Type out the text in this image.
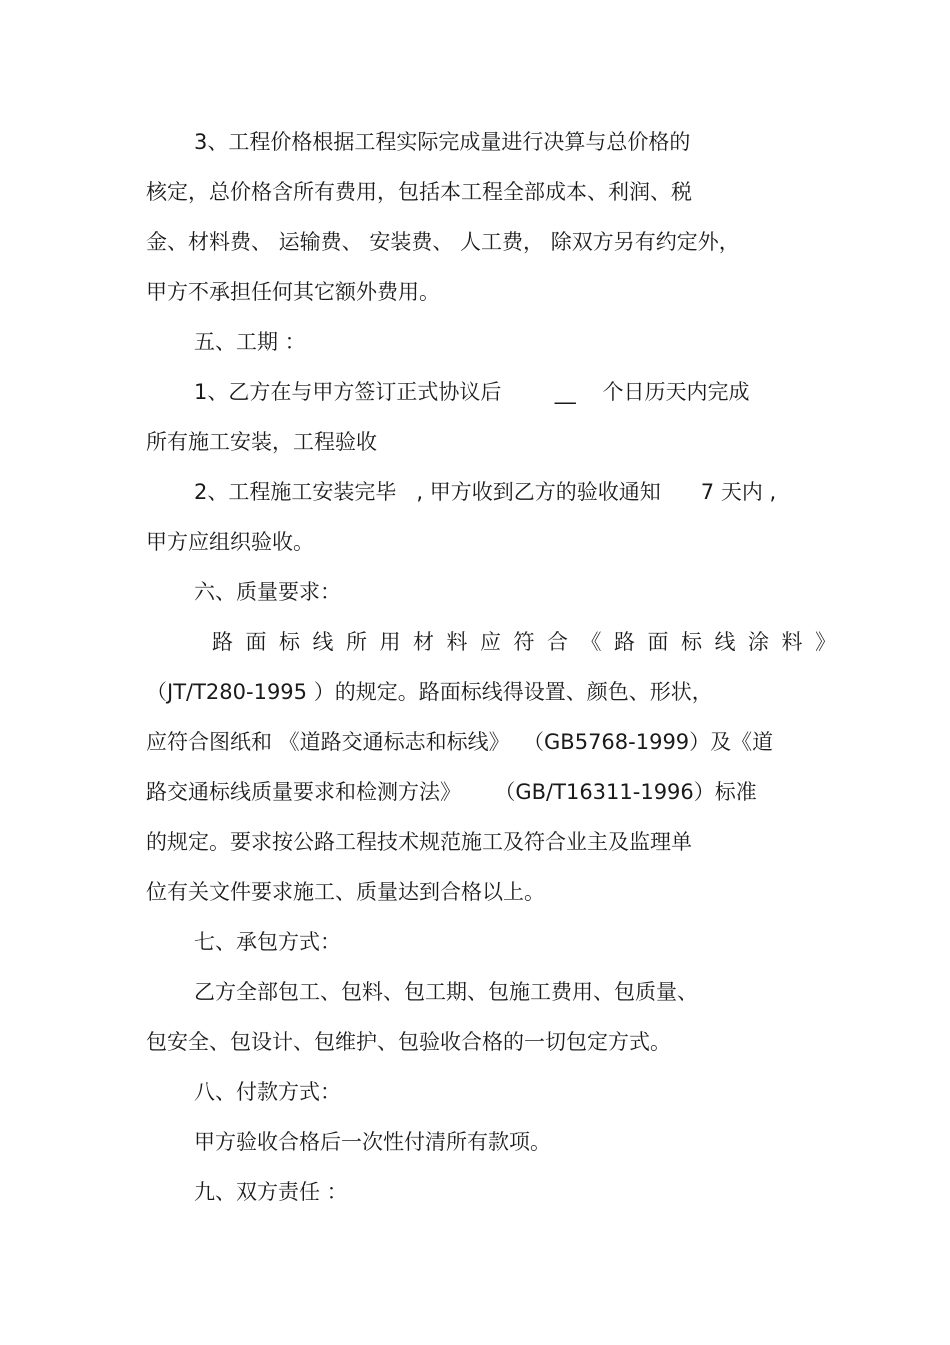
3、工程价格根据工程实际完成量进行决算与总价格的
核定，总价格含所有费用，包括本工程全部成本、利润、税
金、材料费、 运输费、 安装费、 人工费， 除双方另有约定外，
甲方不承担任何其它额外费用。
五、工期 ：
1、乙方在与甲方签订正式协议后        __    个日历天内完成
所有施工安装，工程验收
2、工程施工安装完毕   , 甲方收到乙方的验收通知      7 天内 ,
甲方应组织验收。
六、质量要求：
路面标线所用材料应符合《路面标线涂料》
（JT/T280-1995 ）的规定。路面标线得设置、颜色、形状，
应符合图纸和 《道路交通标志和标线》  （GB5768-1999）及《道
路交通标线质量要求和检测方法》     （GB/T16311-1996）标准
的规定。要求按公路工程技术规范施工及符合业主及监理单
位有关文件要求施工、质量达到合格以上。
七、承包方式：
乙方全部包工、包料、包工期、包施工费用、包质量、
包安全、包设计、包维护、包验收合格的一切包定方式。
八、付款方式：
甲方验收合格后一次性付清所有款项。
九、双方责任 ：
